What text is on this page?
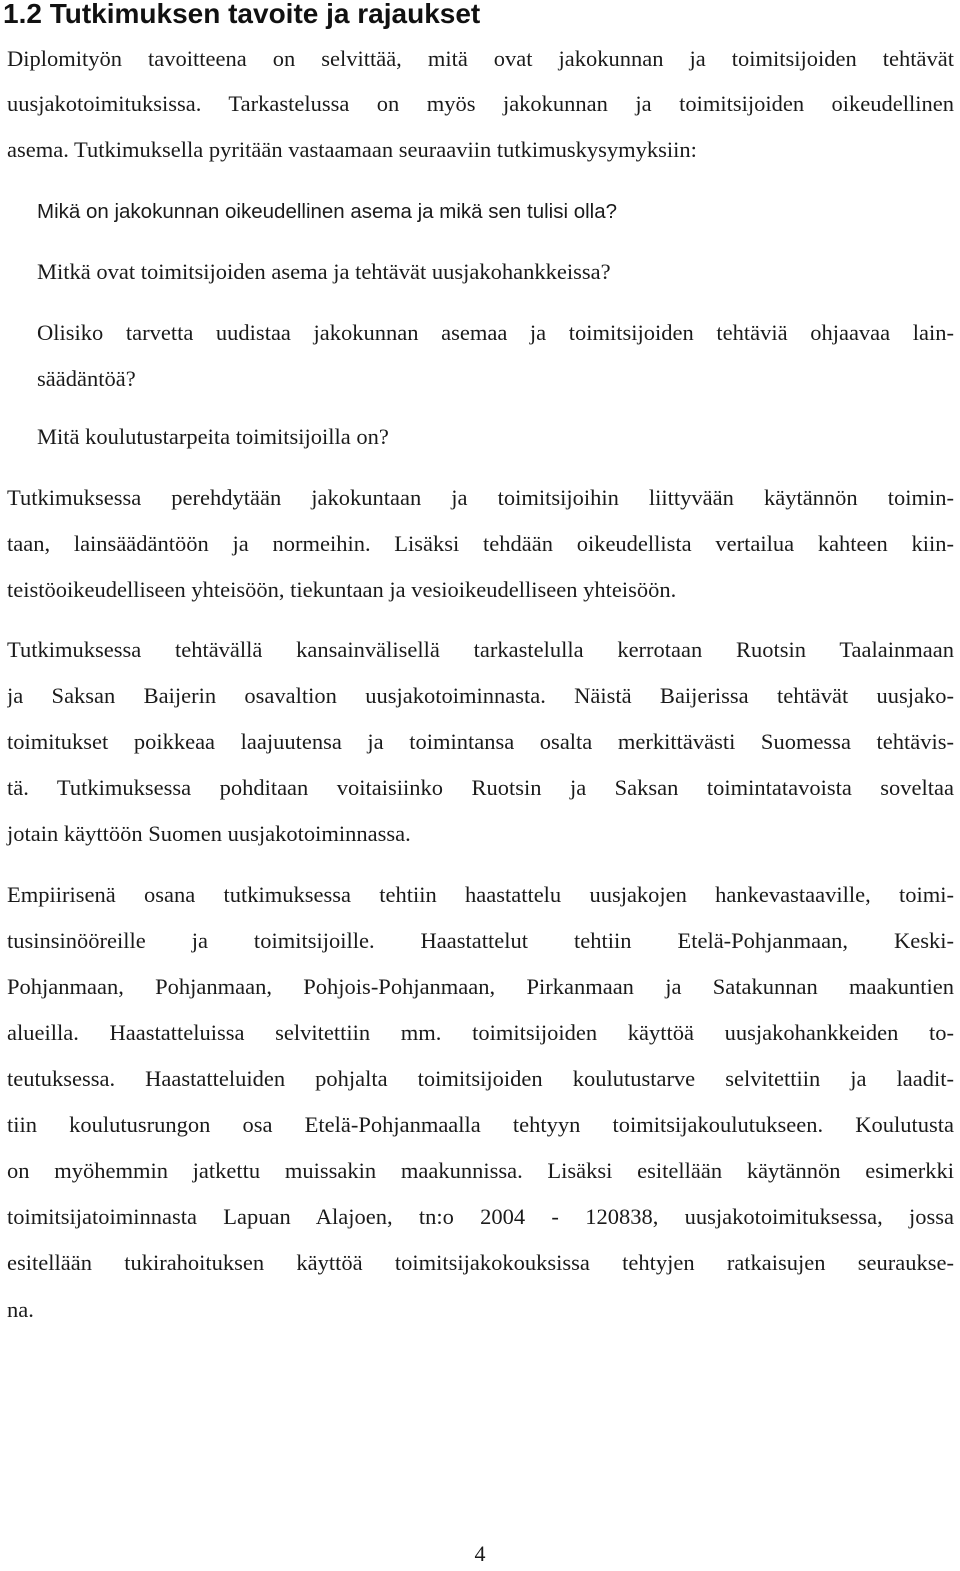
1.2 Tutkimuksen tavoite ja rajaukset
Diplomityön tavoitteena on selvittää, mitä ovat jakokunnan ja toimitsijoiden tehtävät
uusjakotoimituksissa. Tarkastelussa on myös jakokunnan ja toimitsijoiden oikeudellinen
asema. Tutkimuksella pyritään vastaamaan seuraaviin tutkimuskysymyksiin:
Mikä on jakokunnan oikeudellinen asema ja mikä sen tulisi olla?
Mitkä ovat toimitsijoiden asema ja tehtävät uusjakohankkeissa?
Olisiko tarvetta uudistaa jakokunnan asemaa ja toimitsijoiden tehtäviä ohjaavaa lain-
säädäntöä?
Mitä koulutustarpeita toimitsijoilla on?
Tutkimuksessa perehdytään jakokuntaan ja toimitsijoihin liittyvään käytännön toimin-
taan, lainsäädäntöön ja normeihin. Lisäksi tehdään oikeudellista vertailua kahteen kiin-
teistöoikeudelliseen yhteisöön, tiekuntaan ja vesioikeudelliseen yhteisöön.
Tutkimuksessa tehtävällä kansainvälisellä tarkastelulla kerrotaan Ruotsin Taalainmaan
ja Saksan Baijerin osavaltion uusjakotoiminnasta. Näistä Baijerissa tehtävät uusjako-
toimitukset poikkeaa laajuutensa ja toimintansa osalta merkittävästi Suomessa tehtävis-
tä. Tutkimuksessa pohditaan voitaisiinko Ruotsin ja Saksan toimintatavoista soveltaa
jotain käyttöön Suomen uusjakotoiminnassa.
Empiirisenä osana tutkimuksessa tehtiin haastattelu uusjakojen hankevastaaville, toimi-
tusinsinööreille ja toimitsijoille. Haastattelut tehtiin Etelä-Pohjanmaan, Keski-
Pohjanmaan, Pohjanmaan, Pohjois-Pohjanmaan, Pirkanmaan ja Satakunnan maakuntien
alueilla. Haastatteluissa selvitettiin mm. toimitsijoiden käyttöä uusjakohankkeiden to-
teutuksessa. Haastatteluiden pohjalta toimitsijoiden koulutustarve selvitettiin ja laadit-
tiin koulutusrungon osa Etelä-Pohjanmaalla tehtyyn toimitsijakoulutukseen. Koulutusta
on myöhemmin jatkettu muissakin maakunnissa. Lisäksi esitellään käytännön esimerkki
toimitsijatoiminnasta Lapuan Alajoen, tn:o 2004 - 120838, uusjakotoimituksessa, jossa
esitellään tukirahoituksen käyttöä toimitsijakokouksissa tehtyjen ratkaisujen seurauksе-
na.
4
